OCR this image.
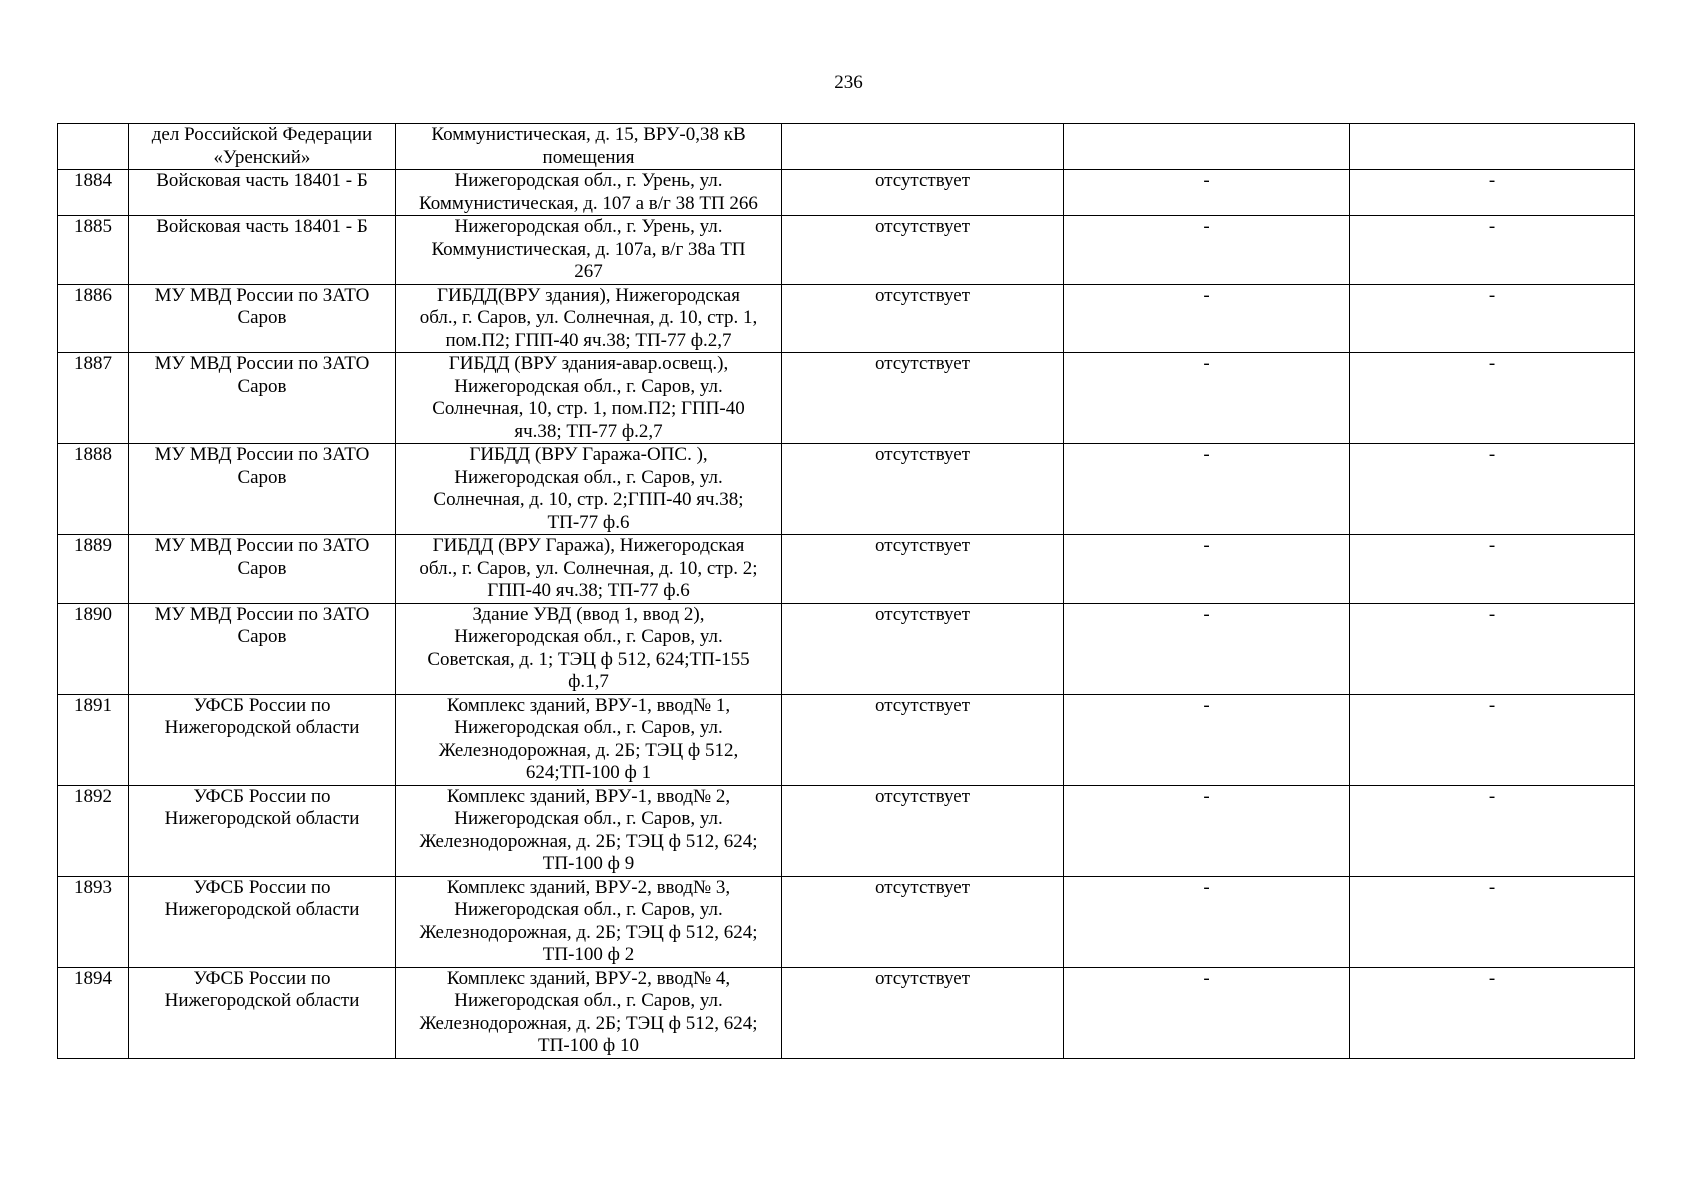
236
	дел Российской Федерации
«Уренский»	Коммунистическая, д. 15, ВРУ-0,38 кВ
помещения			
1884	Войсковая часть 18401 - Б	Нижегородская обл., г. Урень, ул.
Коммунистическая, д. 107 а в/г 38 ТП 266	отсутствует	-	-
1885	Войсковая часть 18401 - Б	Нижегородская обл., г. Урень, ул.
Коммунистическая, д. 107а, в/г 38а ТП
267	отсутствует	-	-
1886	МУ МВД России по ЗАТО
Саров	ГИБДД(ВРУ здания), Нижегородская
обл., г. Саров, ул. Солнечная, д. 10, стр. 1,
пом.П2; ГПП-40 яч.38; ТП-77 ф.2,7	отсутствует	-	-
1887	МУ МВД России по ЗАТО
Саров	ГИБДД (ВРУ здания-авар.освещ.),
Нижегородская обл., г. Саров, ул.
Солнечная, 10, стр. 1, пом.П2; ГПП-40
яч.38; ТП-77 ф.2,7	отсутствует	-	-
1888	МУ МВД России по ЗАТО
Саров	ГИБДД (ВРУ Гаража-ОПС. ),
Нижегородская обл., г. Саров, ул.
Солнечная, д. 10, стр. 2;ГПП-40 яч.38;
ТП-77 ф.6	отсутствует	-	-
1889	МУ МВД России по ЗАТО
Саров	ГИБДД (ВРУ Гаража), Нижегородская
обл., г. Саров, ул. Солнечная, д. 10, стр. 2;
ГПП-40 яч.38; ТП-77 ф.6	отсутствует	-	-
1890	МУ МВД России по ЗАТО
Саров	Здание УВД (ввод 1, ввод 2),
Нижегородская обл., г. Саров, ул.
Советская, д. 1; ТЭЦ ф 512, 624;ТП-155
ф.1,7	отсутствует	-	-
1891	УФСБ России по
Нижегородской области	Комплекс зданий, ВРУ-1, ввод№ 1,
Нижегородская обл., г. Саров, ул.
Железнодорожная, д. 2Б; ТЭЦ ф 512,
624;ТП-100 ф 1	отсутствует	-	-
1892	УФСБ России по
Нижегородской области	Комплекс зданий, ВРУ-1, ввод№ 2,
Нижегородская обл., г. Саров, ул.
Железнодорожная, д. 2Б; ТЭЦ ф 512, 624;
ТП-100 ф 9	отсутствует	-	-
1893	УФСБ России по
Нижегородской области	Комплекс зданий, ВРУ-2, ввод№ 3,
Нижегородская обл., г. Саров, ул.
Железнодорожная, д. 2Б; ТЭЦ ф 512, 624;
ТП-100 ф 2	отсутствует	-	-
1894	УФСБ России по
Нижегородской области	Комплекс зданий, ВРУ-2, ввод№ 4,
Нижегородская обл., г. Саров, ул.
Железнодорожная, д. 2Б; ТЭЦ ф 512, 624;
ТП-100 ф 10	отсутствует	-	-
